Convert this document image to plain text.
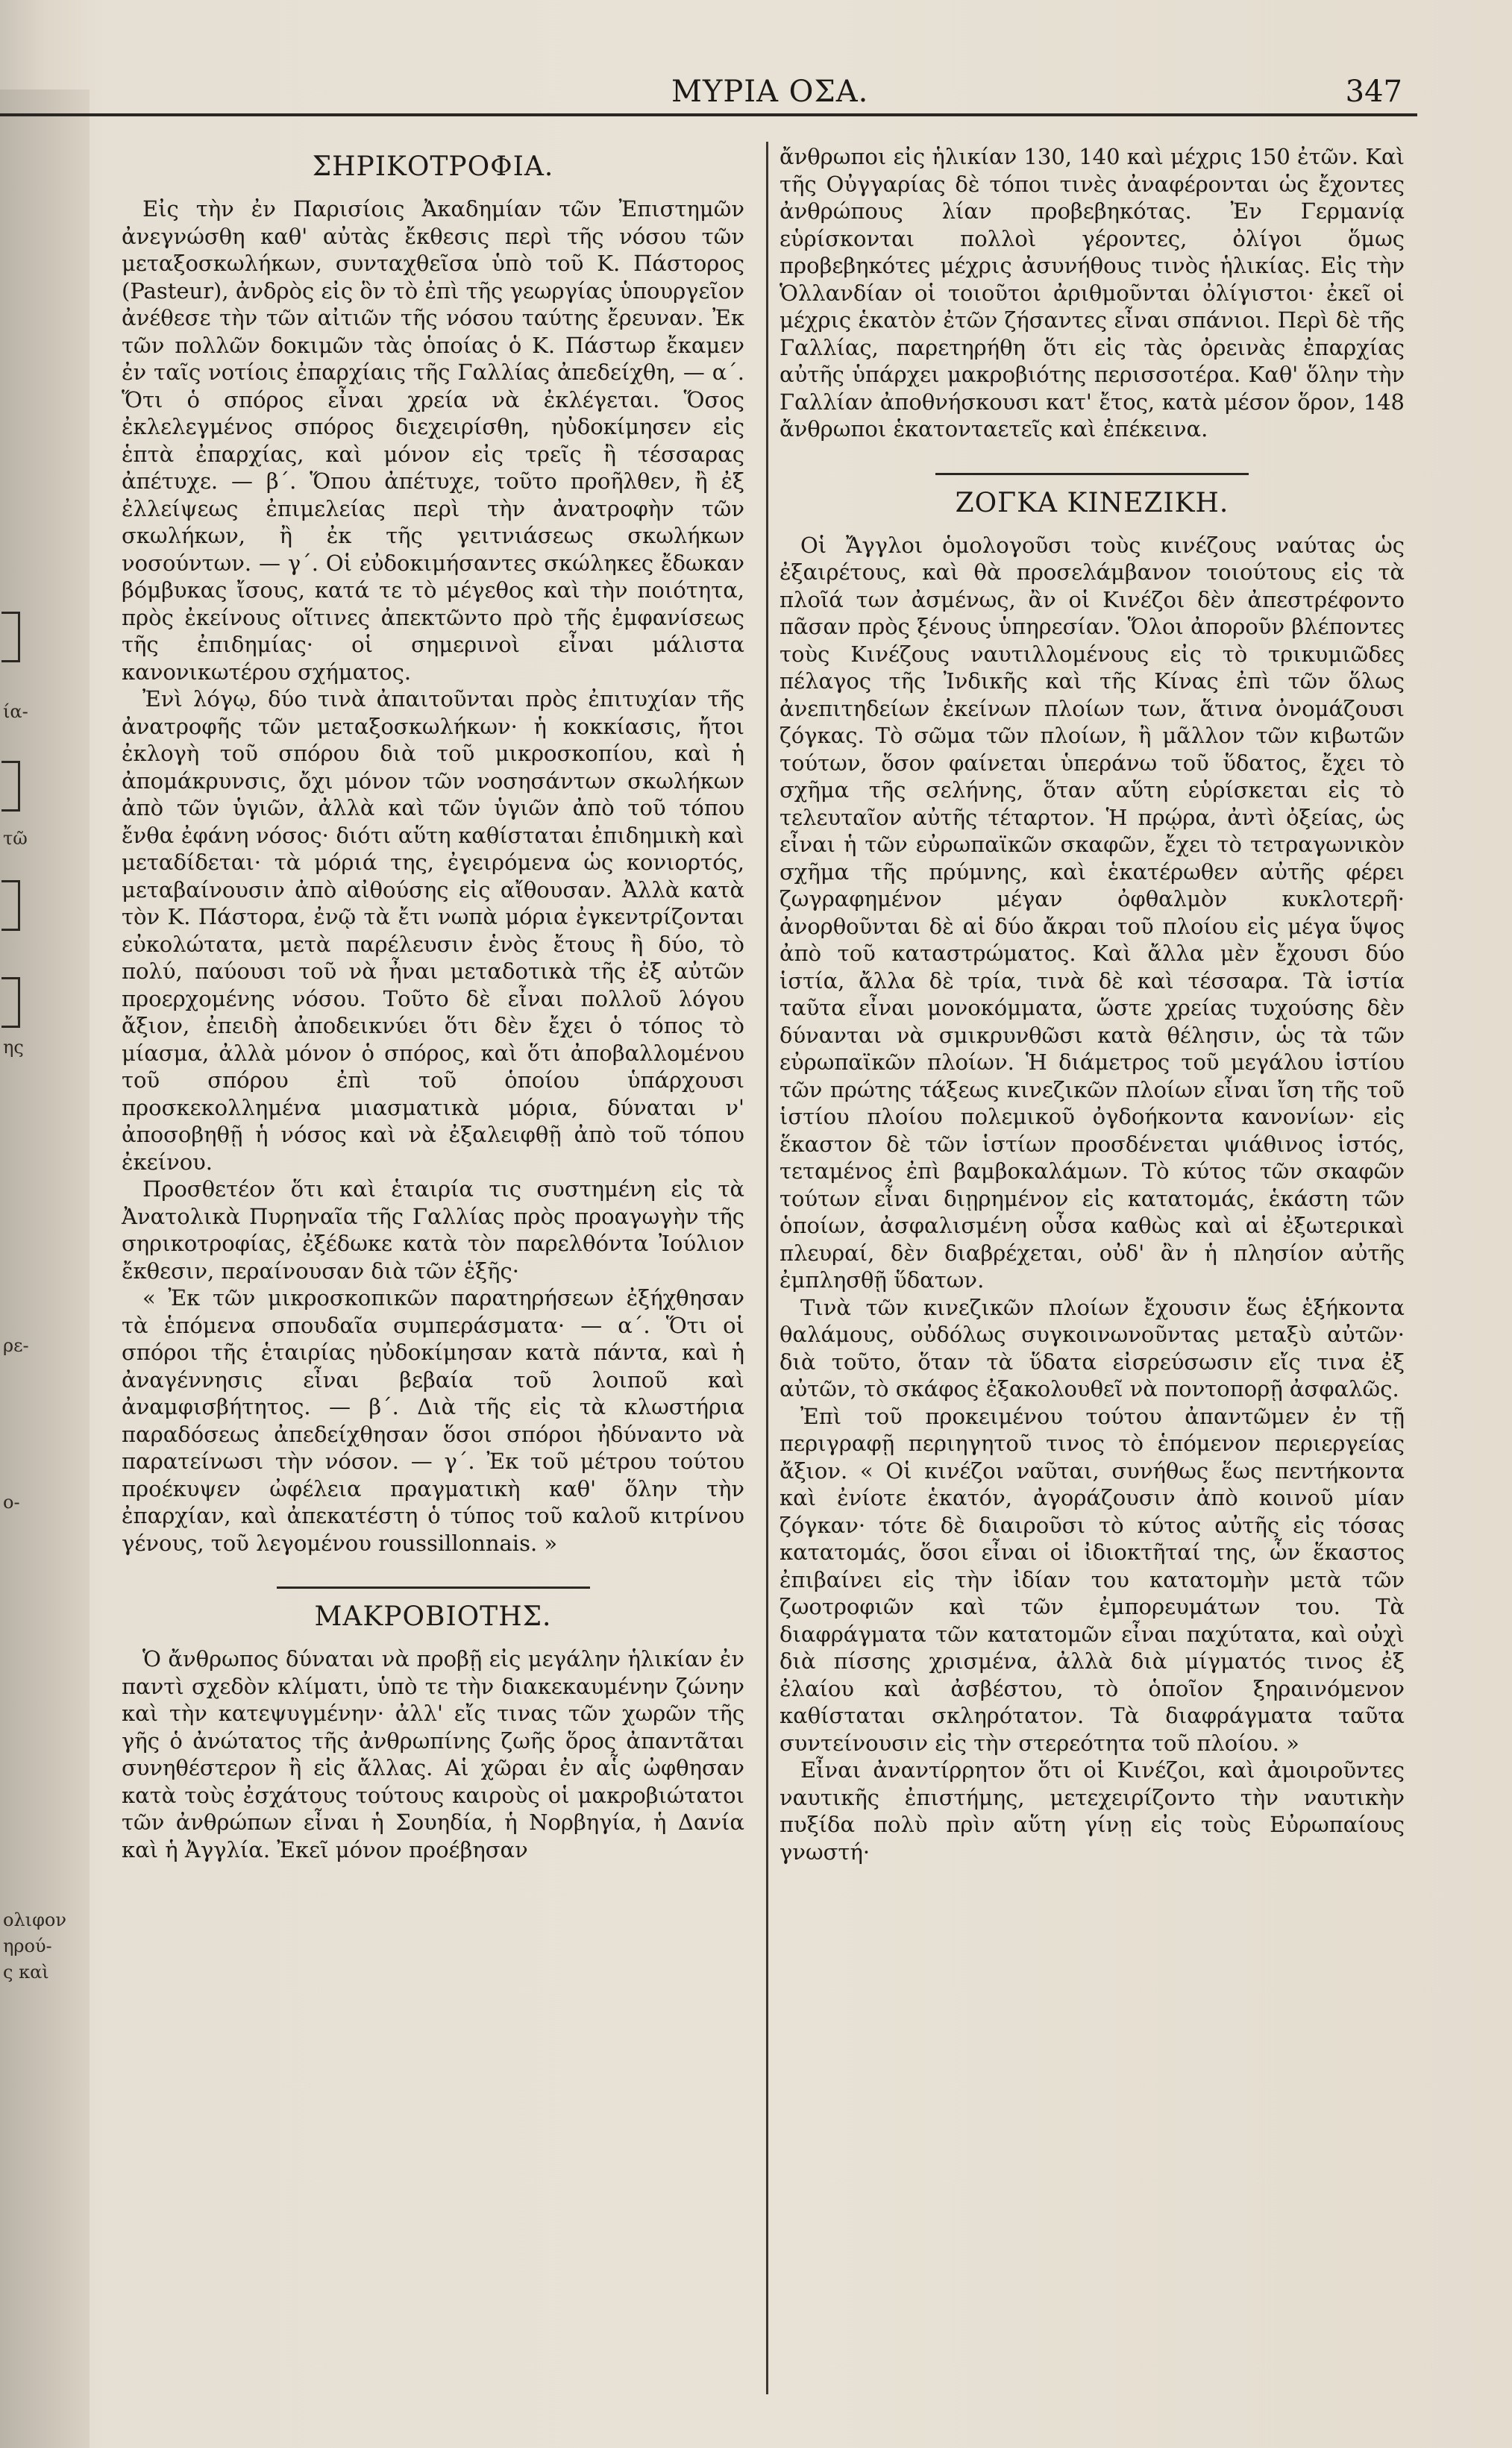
ία-
τῶ
ης
ρε-
ο-
ολιφον
ηρού-
ς καὶ
ΜΥΡΙΑ ΟΣΑ.	347
ΣΗΡΙΚΟΤΡΟΦΙΑ.

Εἰς τὴν ἐν Παρισίοις Ἀκαδημίαν τῶν Ἐπιστημῶν ἀνεγνώσθη καθ' αὐτὰς ἔκθεσις περὶ τῆς νόσου τῶν μεταξοσκωλήκων, συνταχθεῖσα ὑπὸ τοῦ Κ. Πάστορος (Pasteur), ἀνδρὸς εἰς ὃν τὸ ἐπὶ τῆς γεωργίας ὑπουργεῖον ἀνέθεσε τὴν τῶν αἰτιῶν τῆς νόσου ταύτης ἔρευναν. Ἐκ τῶν πολλῶν δοκιμῶν τὰς ὁποίας ὁ Κ. Πάστωρ ἔκαμεν ἐν ταῖς νοτίοις ἐπαρχίαις τῆς Γαλλίας ἀπεδείχθη, — α΄. Ὅτι ὁ σπόρος εἶναι χρεία νὰ ἐκλέγεται. Ὅσος ἐκλελεγμένος σπόρος διεχειρίσθη, ηὐδοκίμησεν εἰς ἑπτὰ ἐπαρχίας, καὶ μόνον εἰς τρεῖς ἢ τέσσαρας ἀπέτυχε. — β΄. Ὅπου ἀπέτυχε, τοῦτο προῆλθεν, ἢ ἐξ ἐλλείψεως ἐπιμελείας περὶ τὴν ἀνατροφὴν τῶν σκωλήκων, ἢ ἐκ τῆς γειτνιάσεως σκωλήκων νοσούντων. — γ΄. Οἱ εὐδοκιμήσαντες σκώληκες ἔδωκαν βόμβυκας ἴσους, κατά τε τὸ μέγεθος καὶ τὴν ποιότητα, πρὸς ἐκείνους οἵτινες ἀπεκτῶντο πρὸ τῆς ἐμφανίσεως τῆς ἐπιδημίας· οἱ σημερινοὶ εἶναι μάλιστα κανονικωτέρου σχήματος.

Ἐνὶ λόγῳ, δύο τινὰ ἀπαιτοῦνται πρὸς ἐπιτυχίαν τῆς ἀνατροφῆς τῶν μεταξοσκωλήκων· ἡ κοκκίασις, ἤτοι ἐκλογὴ τοῦ σπόρου διὰ τοῦ μικροσκοπίου, καὶ ἡ ἀπομάκρυνσις, ὄχι μόνον τῶν νοσησάντων σκωλήκων ἀπὸ τῶν ὑγιῶν, ἀλλὰ καὶ τῶν ὑγιῶν ἀπὸ τοῦ τόπου ἔνθα ἐφάνη νόσος· διότι αὕτη καθίσταται ἐπιδημικὴ καὶ μεταδίδεται· τὰ μόριά της, ἐγειρόμενα ὡς κονιορτός, μεταβαίνουσιν ἀπὸ αἰθούσης εἰς αἴθουσαν. Ἀλλὰ κατὰ τὸν Κ. Πάστορα, ἐνῷ τὰ ἔτι νωπὰ μόρια ἐγκεντρίζονται εὐκολώτατα, μετὰ παρέλευσιν ἑνὸς ἔτους ἢ δύο, τὸ πολύ, παύουσι τοῦ νὰ ἦναι μεταδοτικὰ τῆς ἐξ αὐτῶν προερχομένης νόσου. Τοῦτο δὲ εἶναι πολλοῦ λόγου ἄξιον, ἐπειδὴ ἀποδεικνύει ὅτι δὲν ἔχει ὁ τόπος τὸ μίασμα, ἀλλὰ μόνον ὁ σπόρος, καὶ ὅτι ἀποβαλλομένου τοῦ σπόρου ἐπὶ τοῦ ὁποίου ὑπάρχουσι προσκεκολλημένα μιασματικὰ μόρια, δύναται ν' ἀποσοβηθῇ ἡ νόσος καὶ νὰ ἐξαλειφθῇ ἀπὸ τοῦ τόπου ἐκείνου.

Προσθετέον ὅτι καὶ ἑταιρία τις συστημένη εἰς τὰ Ἀνατολικὰ Πυρηναῖα τῆς Γαλλίας πρὸς προαγωγὴν τῆς σηρικοτροφίας, ἐξέδωκε κατὰ τὸν παρελθόντα Ἰούλιον ἔκθεσιν, περαίνουσαν διὰ τῶν ἑξῆς·

« Ἐκ τῶν μικροσκοπικῶν παρατηρήσεων ἐξήχθησαν τὰ ἑπόμενα σπουδαῖα συμπεράσματα· — α΄. Ὅτι οἱ σπόροι τῆς ἑταιρίας ηὐδοκίμησαν κατὰ πάντα, καὶ ἡ ἀναγέννησις εἶναι βεβαία τοῦ λοιποῦ καὶ ἀναμφισβήτητος. — β΄. Διὰ τῆς εἰς τὰ κλωστήρια παραδόσεως ἀπεδείχθησαν ὅσοι σπόροι ἠδύναντο νὰ παρατείνωσι τὴν νόσον. — γ΄. Ἐκ τοῦ μέτρου τούτου προέκυψεν ὠφέλεια πραγματικὴ καθ' ὅλην τὴν ἐπαρχίαν, καὶ ἀπεκατέστη ὁ τύπος τοῦ καλοῦ κιτρίνου γένους, τοῦ λεγομένου roussillonnais. »

ΜΑΚΡΟΒΙΟΤΗΣ.

Ὁ ἄνθρωπος δύναται νὰ προβῇ εἰς μεγάλην ἡλικίαν ἐν παντὶ σχεδὸν κλίματι, ὑπὸ τε τὴν διακεκαυμένην ζώνην καὶ τὴν κατεψυγμένην· ἀλλ' εἴς τινας τῶν χωρῶν τῆς γῆς ὁ ἀνώτατος τῆς ἀνθρωπίνης ζωῆς ὅρος ἀπαντᾶται συνηθέστερον ἢ εἰς ἄλλας. Αἱ χῶραι ἐν αἷς ὠφθησαν κατὰ τοὺς ἐσχάτους τούτους καιροὺς οἱ μακροβιώτατοι τῶν ἀνθρώπων εἶναι ἡ Σουηδία, ἡ Νορβηγία, ἡ Δανία καὶ ἡ Ἀγγλία. Ἐκεῖ μόνον προέβησαν

ἄνθρωποι εἰς ἡλικίαν 130, 140 καὶ μέχρις 150 ἐτῶν. Καὶ τῆς Οὐγγαρίας δὲ τόποι τινὲς ἀναφέρονται ὡς ἔχοντες ἀνθρώπους λίαν προβεβηκότας. Ἐν Γερμανίᾳ εὑρίσκονται πολλοὶ γέροντες, ὀλίγοι ὅμως προβεβηκότες μέχρις ἀσυνήθους τινὸς ἡλικίας. Εἰς τὴν Ὁλλανδίαν οἱ τοιοῦτοι ἀριθμοῦνται ὀλίγιστοι· ἐκεῖ οἱ μέχρις ἑκατὸν ἐτῶν ζήσαντες εἶναι σπάνιοι. Περὶ δὲ τῆς Γαλλίας, παρετηρήθη ὅτι εἰς τὰς ὀρεινὰς ἐπαρχίας αὐτῆς ὑπάρχει μακροβιότης περισσοτέρα. Καθ' ὅλην τὴν Γαλλίαν ἀποθνήσκουσι κατ' ἔτος, κατὰ μέσον ὅρον, 148 ἄνθρωποι ἑκατονταετεῖς καὶ ἐπέκεινα.

ΖΟΓΚΑ ΚΙΝΕΖΙΚΗ.

Οἱ Ἄγγλοι ὁμολογοῦσι τοὺς κινέζους ναύτας ὡς ἐξαιρέτους, καὶ θὰ προσελάμβανον τοιούτους εἰς τὰ πλοῖά των ἀσμένως, ἂν οἱ Κινέζοι δὲν ἀπεστρέφοντο πᾶσαν πρὸς ξένους ὑπηρεσίαν. Ὅλοι ἀποροῦν βλέποντες τοὺς Κινέζους ναυτιλλομένους εἰς τὸ τρικυμιῶδες πέλαγος τῆς Ἰνδικῆς καὶ τῆς Κίνας ἐπὶ τῶν ὅλως ἀνεπιτηδείων ἐκείνων πλοίων των, ἅτινα ὀνομάζουσι ζόγκας. Τὸ σῶμα τῶν πλοίων, ἢ μᾶλλον τῶν κιβωτῶν τούτων, ὅσον φαίνεται ὑπεράνω τοῦ ὕδατος, ἔχει τὸ σχῆμα τῆς σελήνης, ὅταν αὕτη εὑρίσκεται εἰς τὸ τελευταῖον αὐτῆς τέταρτον. Ἡ πρῴρα, ἀντὶ ὀξείας, ὡς εἶναι ἡ τῶν εὐρωπαϊκῶν σκαφῶν, ἔχει τὸ τετραγωνικὸν σχῆμα τῆς πρύμνης, καὶ ἑκατέρωθεν αὐτῆς φέρει ζωγραφημένον μέγαν ὀφθαλμὸν κυκλοτερῆ· ἀνορθοῦνται δὲ αἱ δύο ἄκραι τοῦ πλοίου εἰς μέγα ὕψος ἀπὸ τοῦ καταστρώματος. Καὶ ἄλλα μὲν ἔχουσι δύο ἱστία, ἄλλα δὲ τρία, τινὰ δὲ καὶ τέσσαρα. Τὰ ἱστία ταῦτα εἶναι μονοκόμματα, ὥστε χρείας τυχούσης δὲν δύνανται νὰ σμικρυνθῶσι κατὰ θέλησιν, ὡς τὰ τῶν εὐρωπαϊκῶν πλοίων. Ἡ διάμετρος τοῦ μεγάλου ἱστίου τῶν πρώτης τάξεως κινεζικῶν πλοίων εἶναι ἴση τῆς τοῦ ἱστίου πλοίου πολεμικοῦ ὀγδοήκοντα κανονίων· εἰς ἕκαστον δὲ τῶν ἱστίων προσδένεται ψιάθινος ἱστός, τεταμένος ἐπὶ βαμβοκαλάμων. Τὸ κύτος τῶν σκαφῶν τούτων εἶναι διῃρημένον εἰς κατατομάς, ἑκάστη τῶν ὁποίων, ἀσφαλισμένη οὖσα καθὼς καὶ αἱ ἐξωτερικαὶ πλευραί, δὲν διαβρέχεται, οὐδ' ἂν ἡ πλησίον αὐτῆς ἐμπλησθῇ ὕδατων.

Τινὰ τῶν κινεζικῶν πλοίων ἔχουσιν ἕως ἑξήκοντα θαλάμους, οὐδόλως συγκοινωνοῦντας μεταξὺ αὐτῶν· διὰ τοῦτο, ὅταν τὰ ὕδατα εἰσρεύσωσιν εἴς τινα ἐξ αὐτῶν, τὸ σκάφος ἐξακολουθεῖ νὰ ποντοπορῇ ἀσφαλῶς.

Ἐπὶ τοῦ προκειμένου τούτου ἀπαντῶμεν ἐν τῇ περιγραφῇ περιηγητοῦ τινος τὸ ἑπόμενον περιεργείας ἄξιον. « Οἱ κινέζοι ναῦται, συνήθως ἕως πεντήκοντα καὶ ἐνίοτε ἑκατόν, ἀγοράζουσιν ἀπὸ κοινοῦ μίαν ζόγκαν· τότε δὲ διαιροῦσι τὸ κύτος αὐτῆς εἰς τόσας κατατομάς, ὅσοι εἶναι οἱ ἰδιοκτῆταί της, ὧν ἕκαστος ἐπιβαίνει εἰς τὴν ἰδίαν του κατατομὴν μετὰ τῶν ζωοτροφιῶν καὶ τῶν ἐμπορευμάτων του. Τὰ διαφράγματα τῶν κατατομῶν εἶναι παχύτατα, καὶ οὐχὶ διὰ πίσσης χρισμένα, ἀλλὰ διὰ μίγματός τινος ἐξ ἐλαίου καὶ ἀσβέστου, τὸ ὁποῖον ξηραινόμενον καθίσταται σκληρότατον. Τὰ διαφράγματα ταῦτα συντείνουσιν εἰς τὴν στερεότητα τοῦ πλοίου. »

Εἶναι ἀναντίρρητον ὅτι οἱ Κινέζοι, καὶ ἀμοιροῦντες ναυτικῆς ἐπιστήμης, μετεχειρίζοντο τὴν ναυτικὴν πυξίδα πολὺ πρὶν αὕτη γίνῃ εἰς τοὺς Εὐρωπαίους γνωστή·
